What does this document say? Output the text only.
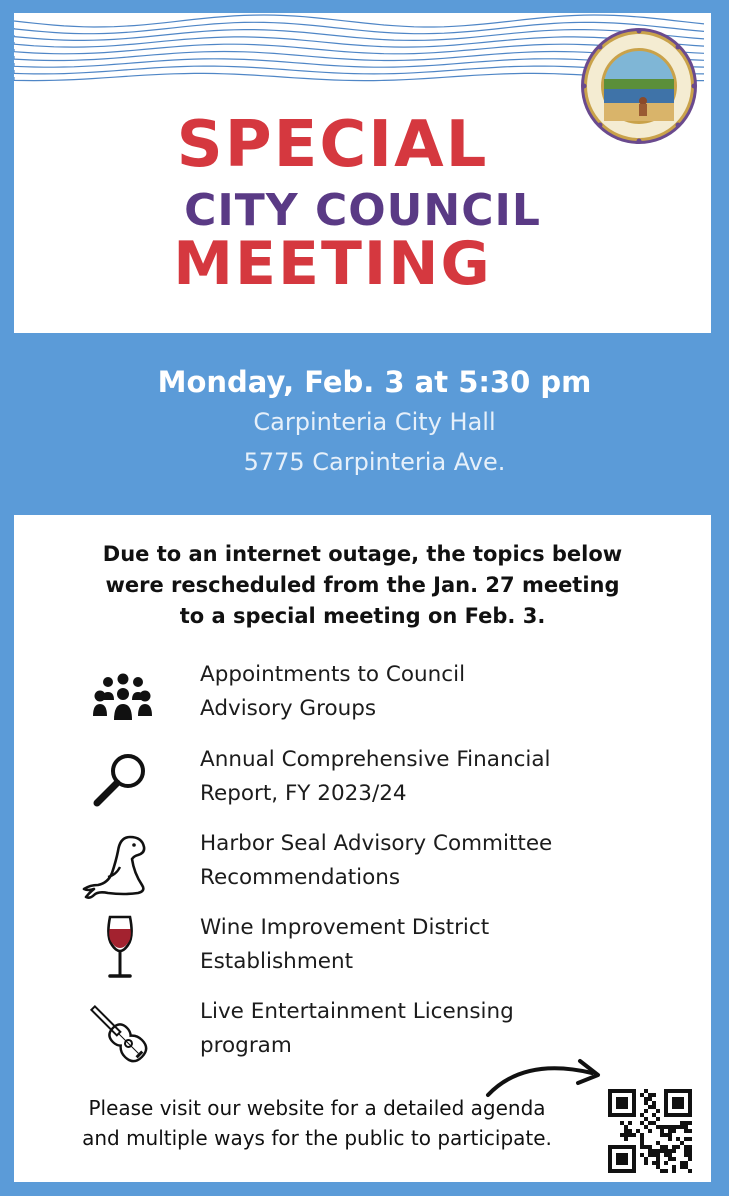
SPECIAL
CITY COUNCIL
MEETING
Monday, Feb. 3 at 5:30 pm
Carpinteria City Hall
5775 Carpinteria Ave.
Due to an internet outage, the topics below
were rescheduled from the Jan. 27 meeting
to a special meeting on Feb. 3.
Appointments to Council
Advisory Groups
Annual Comprehensive Financial
Report, FY 2023/24
Harbor Seal Advisory Committee
Recommendations
Wine Improvement District
Establishment
Live Entertainment Licensing
program
Please visit our website for a detailed agenda
and multiple ways for the public to participate.
